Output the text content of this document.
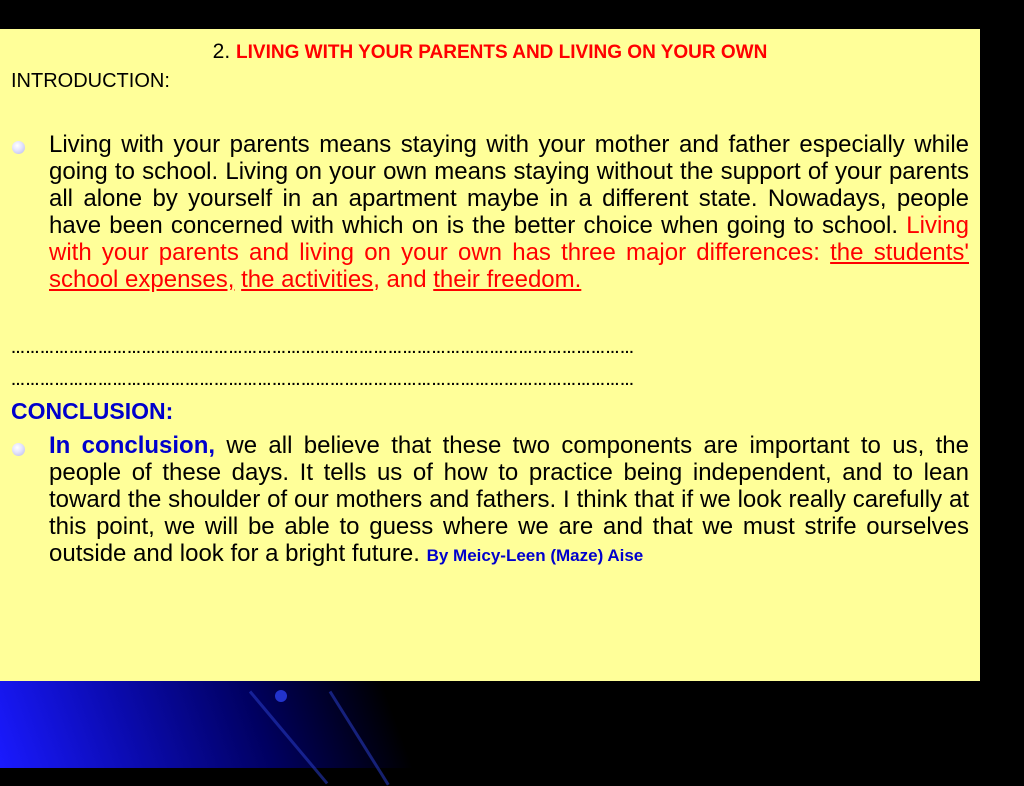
2. LIVING WITH YOUR PARENTS AND LIVING ON YOUR OWN
INTRODUCTION:
Living with your parents means staying with your mother and father especially while going to school. Living on your own means staying without the support of your parents all alone by yourself in an apartment maybe in a different state. Nowadays, people have been concerned with which on is the better choice when going to school. Living with your parents and living on your own has three major differences: the students' school expenses, the activities, and their freedom.
…………………………………………………………………………………………………………………
…………………………………………………………………………………………………………………
CONCLUSION:
In conclusion, we all believe that these two components are important to us, the people of these days. It tells us of how to practice being independent, and to lean toward the shoulder of our mothers and fathers. I think that if we look really carefully at this point, we will be able to guess where we are and that we must strife ourselves outside and look for a bright future. By Meicy-Leen (Maze) Aise
